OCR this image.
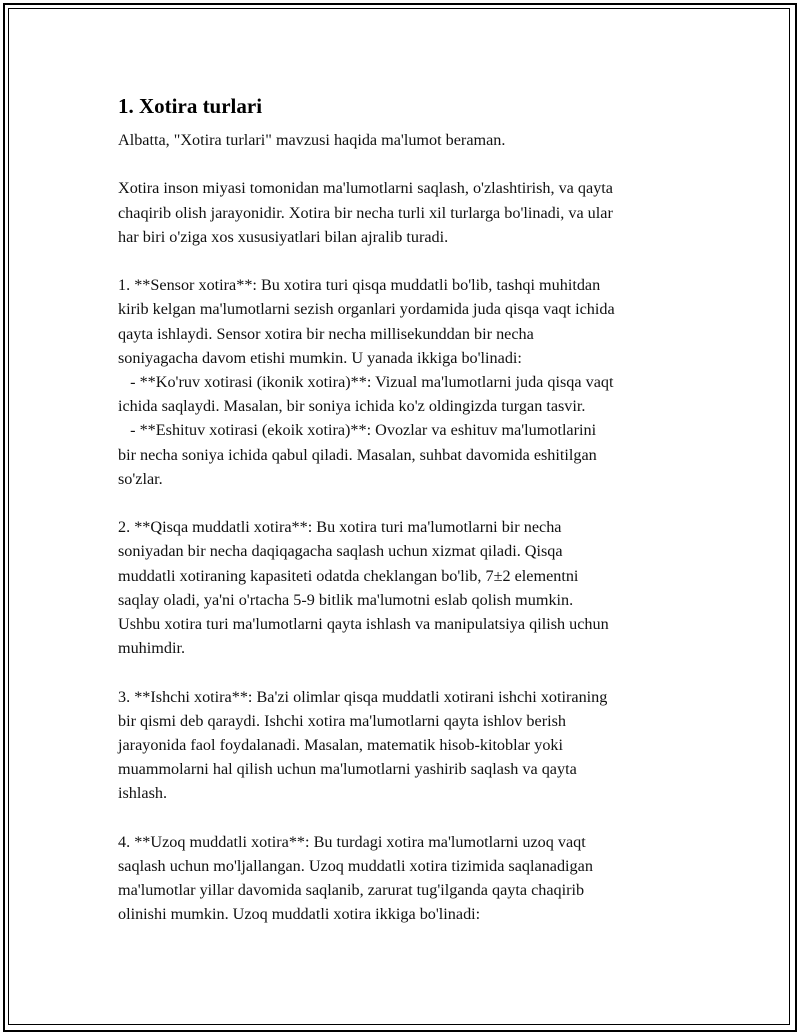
1. Xotira turlari
Albatta, "Xotira turlari" mavzusi haqida ma'lumot beraman.
Xotira inson miyasi tomonidan ma'lumotlarni saqlash, o'zlashtirish, va qayta
chaqirib olish jarayonidir. Xotira bir necha turli xil turlarga bo'linadi, va ular
har biri o'ziga xos xususiyatlari bilan ajralib turadi.
1. **Sensor xotira**: Bu xotira turi qisqa muddatli bo'lib, tashqi muhitdan
kirib kelgan ma'lumotlarni sezish organlari yordamida juda qisqa vaqt ichida
qayta ishlaydi. Sensor xotira bir necha millisekunddan bir necha
soniyagacha davom etishi mumkin. U yanada ikkiga bo'linadi:
- **Ko'ruv xotirasi (ikonik xotira)**: Vizual ma'lumotlarni juda qisqa vaqt
ichida saqlaydi. Masalan, bir soniya ichida ko'z oldingizda turgan tasvir.
- **Eshituv xotirasi (ekoik xotira)**: Ovozlar va eshituv ma'lumotlarini
bir necha soniya ichida qabul qiladi. Masalan, suhbat davomida eshitilgan
so'zlar.
2. **Qisqa muddatli xotira**: Bu xotira turi ma'lumotlarni bir necha
soniyadan bir necha daqiqagacha saqlash uchun xizmat qiladi. Qisqa
muddatli xotiraning kapasiteti odatda cheklangan bo'lib, 7±2 elementni
saqlay oladi, ya'ni o'rtacha 5-9 bitlik ma'lumotni eslab qolish mumkin.
Ushbu xotira turi ma'lumotlarni qayta ishlash va manipulatsiya qilish uchun
muhimdir.
3. **Ishchi xotira**: Ba'zi olimlar qisqa muddatli xotirani ishchi xotiraning
bir qismi deb qaraydi. Ishchi xotira ma'lumotlarni qayta ishlov berish
jarayonida faol foydalanadi. Masalan, matematik hisob-kitoblar yoki
muammolarni hal qilish uchun ma'lumotlarni yashirib saqlash va qayta
ishlash.
4. **Uzoq muddatli xotira**: Bu turdagi xotira ma'lumotlarni uzoq vaqt
saqlash uchun mo'ljallangan. Uzoq muddatli xotira tizimida saqlanadigan
ma'lumotlar yillar davomida saqlanib, zarurat tug'ilganda qayta chaqirib
olinishi mumkin. Uzoq muddatli xotira ikkiga bo'linadi:
